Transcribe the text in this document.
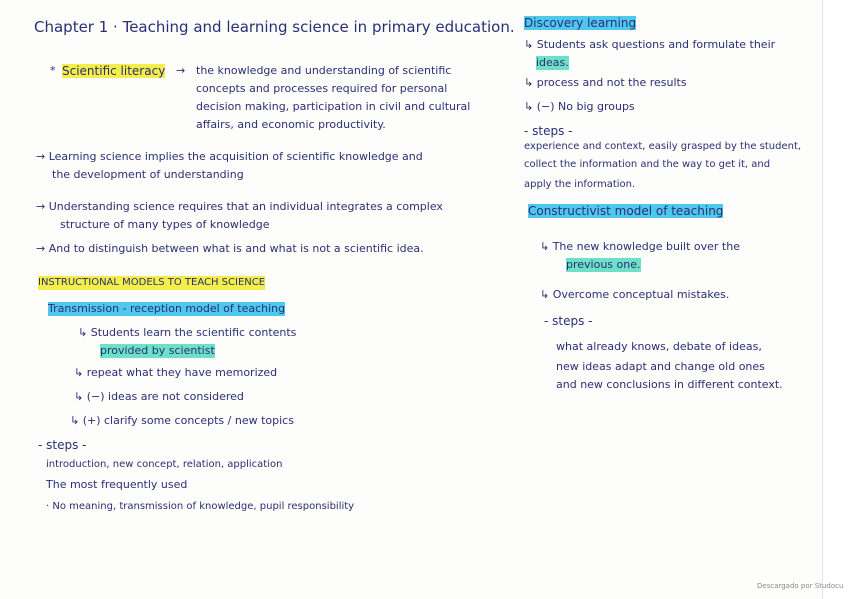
Chapter 1 · Teaching and learning science in primary education.
* Scientific literacy → the knowledge and understanding of scientific
concepts and processes required for personal
decision making, participation in civil and cultural
affairs, and economic productivity.
→ Learning science implies the acquisition of scientific knowledge and
the development of understanding
→ Understanding science requires that an individual integrates a complex
structure of many types of knowledge
→ And to distinguish between what is and what is not a scientific idea.
INSTRUCTIONAL MODELS TO TEACH SCIENCE
Transmission - reception model of teaching
↳ Students learn the scientific contents
provided by scientist
↳ repeat what they have memorized
↳ (−) ideas are not considered
↳ (+) clarify some concepts / new topics
- steps -
introduction, new concept, relation, application
The most frequently used
· No meaning, transmission of knowledge, pupil responsibility
Discovery learning
↳ Students ask questions and formulate their
ideas.
↳ process and not the results
↳ (−) No big groups
- steps -
experience and context, easily grasped by the student,
collect the information and the way to get it, and
apply the information.
Constructivist model of teaching
↳ The new knowledge built over the
previous one.
↳ Overcome conceptual mistakes.
- steps -
what already knows, debate of ideas,
new ideas adapt and change old ones
and new conclusions in different context.
Descargado por Studocu
